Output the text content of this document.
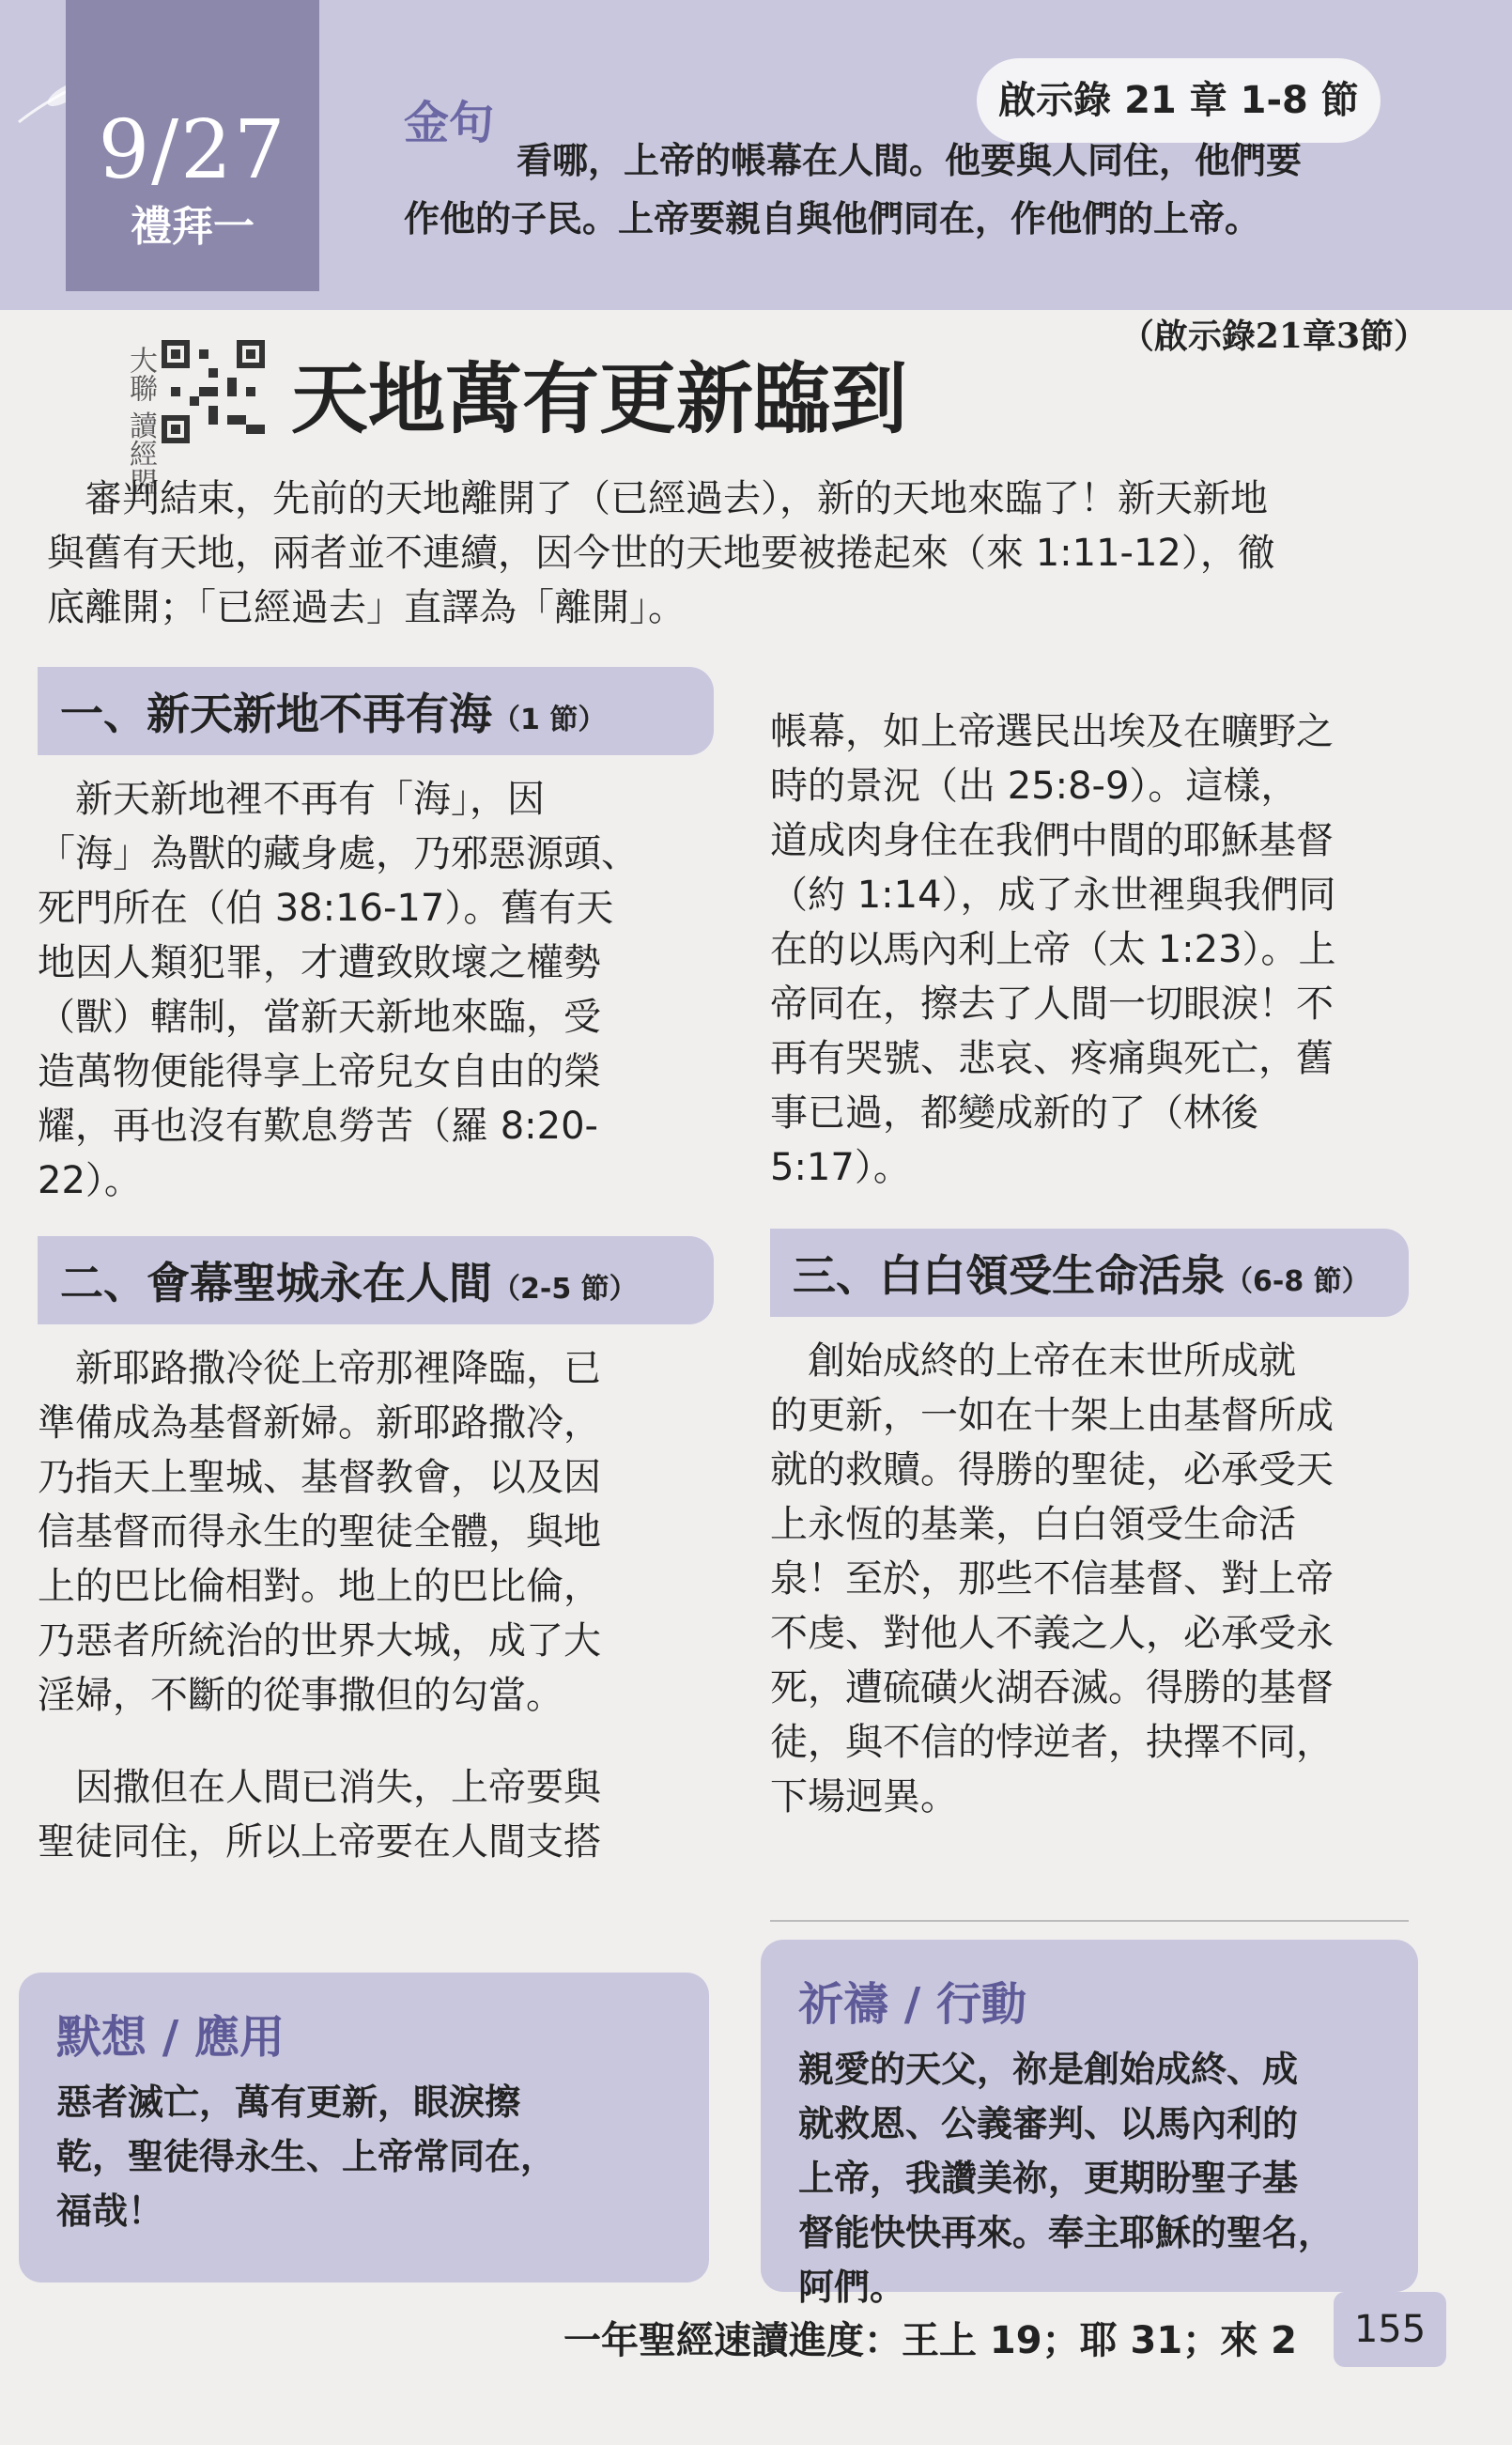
9/27
禮拜一
金句	啟示錄 21 章 1-8 節
看哪，上帝的帳幕在人間。他要與人同住，他們要
作他的子民。上帝要親自與他們同在，作他們的上帝。
（啟示錄21章3節）
大聯 讀經盟 天地萬有更新臨到
審判結束，先前的天地離開了（已經過去），新的天地來臨了！新天新地
與舊有天地，兩者並不連續，因今世的天地要被捲起來（來 1:11-12），徹
底離開；「已經過去」直譯為「離開」。
一、新天新地不再有海（1 節）
新天新地裡不再有「海」，因
「海」為獸的藏身處，乃邪惡源頭、
死門所在（伯 38:16-17）。舊有天
地因人類犯罪，才遭致敗壞之權勢
（獸）轄制，當新天新地來臨，受
造萬物便能得享上帝兒女自由的榮
耀，再也沒有歎息勞苦（羅 8:20-
22）。
二、會幕聖城永在人間（2-5 節）
新耶路撒冷從上帝那裡降臨，已
準備成為基督新婦。新耶路撒冷，
乃指天上聖城、基督教會，以及因
信基督而得永生的聖徒全體，與地
上的巴比倫相對。地上的巴比倫，
乃惡者所統治的世界大城，成了大
淫婦，不斷的從事撒但的勾當。
因撒但在人間已消失，上帝要與
聖徒同住，所以上帝要在人間支搭
帳幕，如上帝選民出埃及在曠野之
時的景況（出 25:8-9）。這樣，
道成肉身住在我們中間的耶穌基督
（約 1:14），成了永世裡與我們同
在的以馬內利上帝（太 1:23）。上
帝同在，擦去了人間一切眼淚！不
再有哭號、悲哀、疼痛與死亡，舊
事已過，都變成新的了（林後 5:17）。
三、白白領受生命活泉（6-8 節）
創始成終的上帝在末世所成就
的更新，一如在十架上由基督所成
就的救贖。得勝的聖徒，必承受天
上永恆的基業，白白領受生命活
泉！至於，那些不信基督、對上帝
不虔、對他人不義之人，必承受永
死，遭硫磺火湖吞滅。得勝的基督
徒，與不信的悖逆者，抉擇不同，
下場迥異。
默想 / 應用
惡者滅亡，萬有更新，眼淚擦
乾，聖徒得永生、上帝常同在，
福哉！
祈禱 / 行動
親愛的天父，祢是創始成終、成
就救恩、公義審判、以馬內利的
上帝，我讚美祢，更期盼聖子基
督能快快再來。奉主耶穌的聖名，
阿們。
一年聖經速讀進度：王上 19；耶 31；來 2	155
